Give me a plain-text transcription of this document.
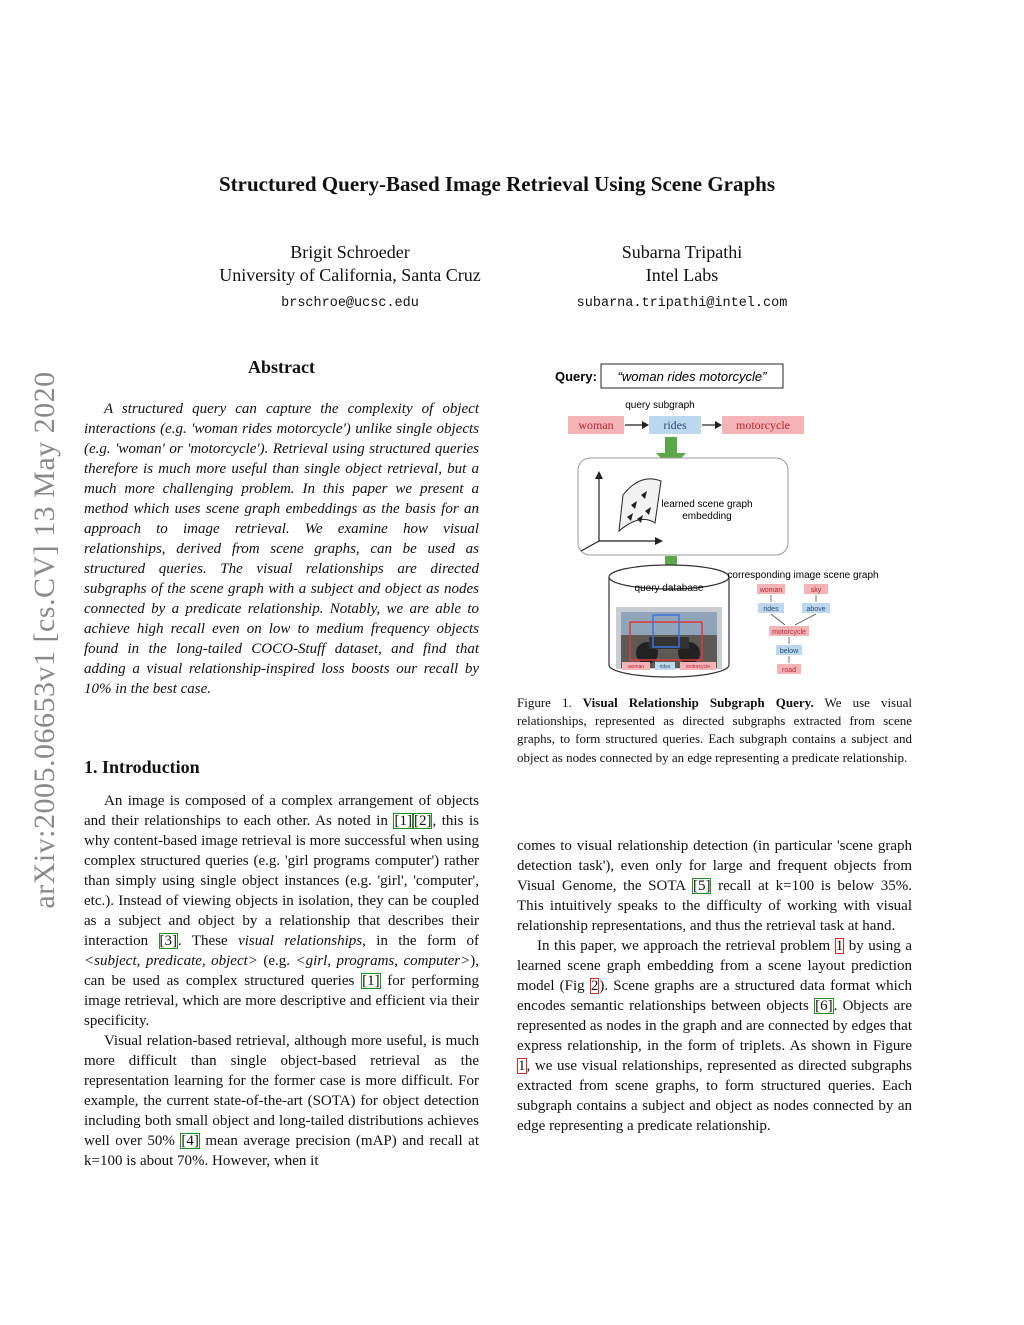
arXiv:2005.06653v1 [cs.CV] 13 May 2020
Structured Query-Based Image Retrieval Using Scene Graphs
Brigit Schroeder
University of California, Santa Cruz
brschroe@ucsc.edu
Subarna Tripathi
Intel Labs
subarna.tripathi@intel.com
Abstract

A structured query can capture the complexity of object interactions (e.g. 'woman rides motorcycle') unlike single objects (e.g. 'woman' or 'motorcycle'). Retrieval using structured queries therefore is much more useful than single object retrieval, but a much more challenging problem. In this paper we present a method which uses scene graph embeddings as the basis for an approach to image retrieval. We examine how visual relationships, derived from scene graphs, can be used as structured queries. The visual relationships are directed subgraphs of the scene graph with a subject and object as nodes connected by a predicate relationship. Notably, we are able to achieve high recall even on low to medium frequency objects found in the long-tailed COCO-Stuff dataset, and find that adding a visual relationship-inspired loss boosts our recall by 10% in the best case.

1. Introduction

An image is composed of a complex arrangement of objects and their relationships to each other. As noted in [1] [2], this is why content-based image retrieval is more successful when using complex structured queries (e.g. 'girl programs computer') rather than simply using single object instances (e.g. 'girl', 'computer', etc.). Instead of viewing objects in isolation, they can be coupled as a subject and object by a relationship that describes their interaction [3]. These visual relationships, in the form of <subject, predicate, object> (e.g. <girl, programs, computer>), can be used as complex structured queries [1] for performing image retrieval, which are more descriptive and efficient via their specificity.

Visual relation-based retrieval, although more useful, is much more difficult than single object-based retrieval as the representation learning for the former case is more difficult. For example, the current state-of-the-art (SOTA) for object detection including both small object and long-tailed distributions achieves well over 50% [4] mean average precision (mAP) and recall at k=100 is about 70%. However, when it

Query: “woman rides motorcycle”
query subgraph
woman	rides	motorcycle
learned scene graph
embedding
query database
woman	rides	motorcycle
corresponding image scene graph
woman	sky
rides	above
motorcycle
below
road
Figure 1. Visual Relationship Subgraph Query. We use visual relationships, represented as directed subgraphs extracted from scene graphs, to form structured queries. Each subgraph contains a subject and object as nodes connected by an edge representing a predicate relationship.

comes to visual relationship detection (in particular 'scene graph detection task'), even only for large and frequent objects from Visual Genome, the SOTA [5] recall at k=100 is below 35%. This intuitively speaks to the difficulty of working with visual relationship representations, and thus the retrieval task at hand.

In this paper, we approach the retrieval problem 1 by using a learned scene graph embedding from a scene layout prediction model (Fig 2). Scene graphs are a structured data format which encodes semantic relationships between objects [6]. Objects are represented as nodes in the graph and are connected by edges that express relationship, in the form of triplets. As shown in Figure 1, we use visual relationships, represented as directed subgraphs extracted from scene graphs, to form structured queries. Each subgraph contains a subject and object as nodes connected by an edge representing a predicate relationship.
